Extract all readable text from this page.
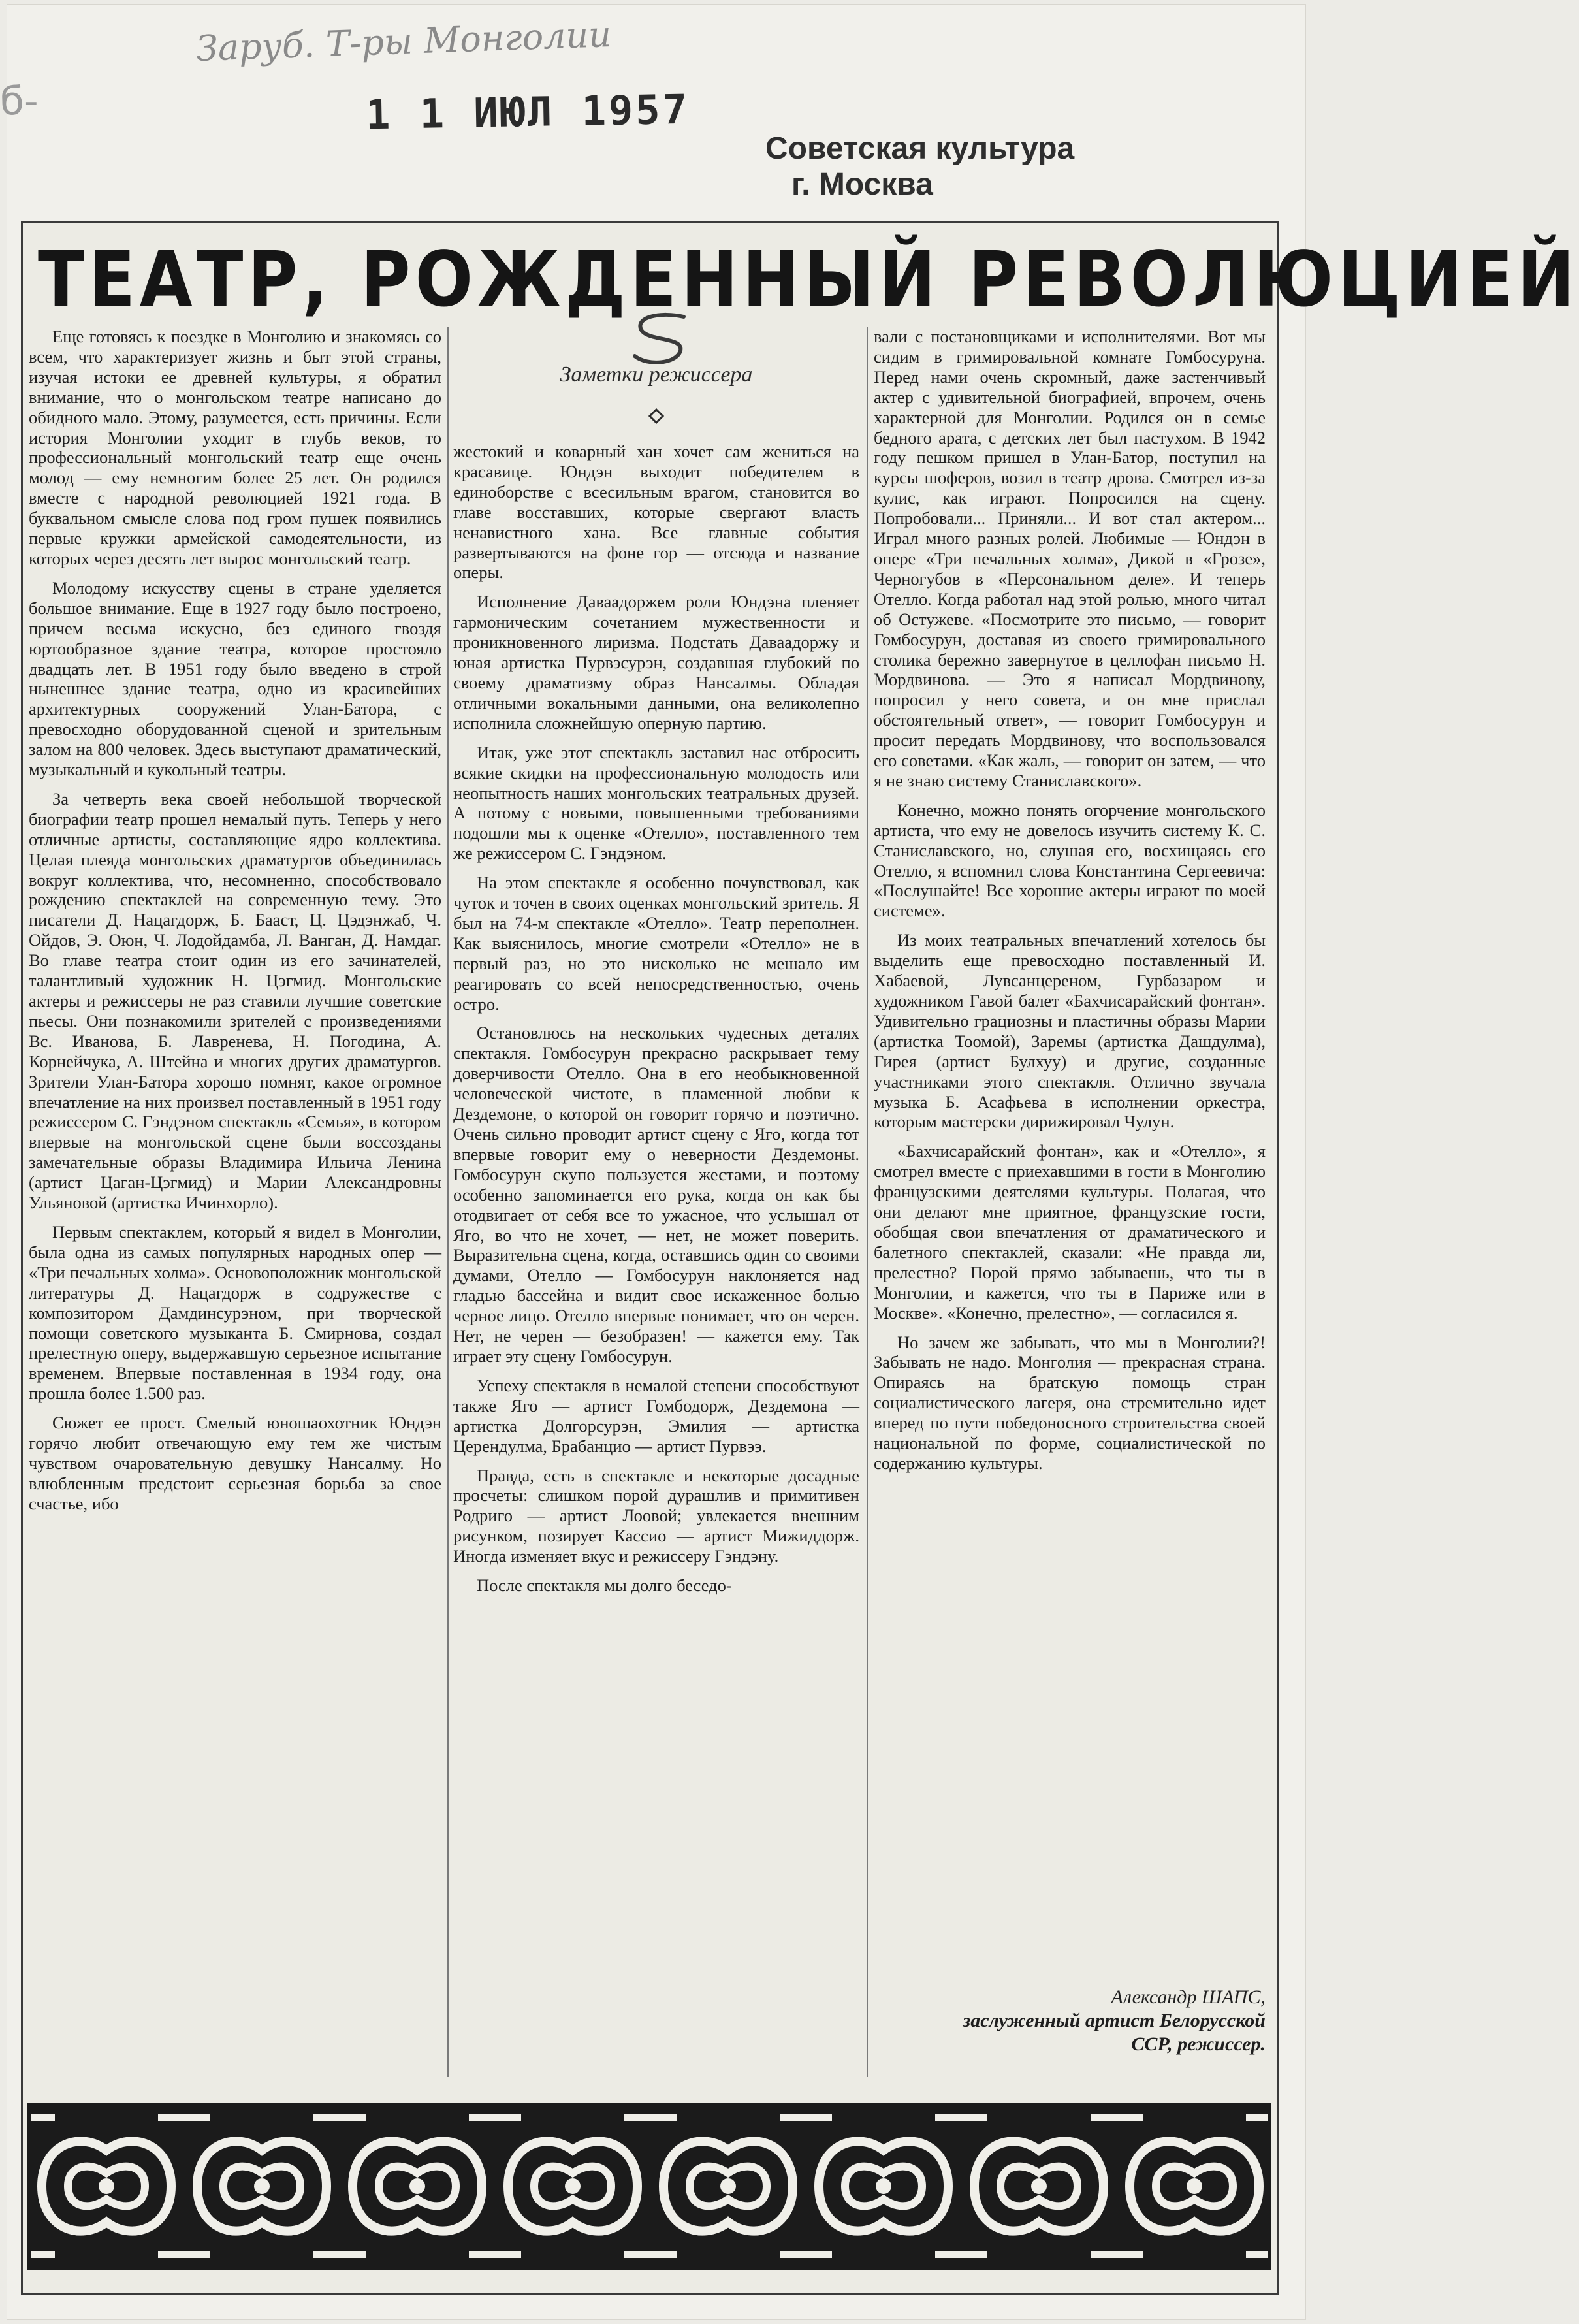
б-
Заруб. Т-ры Монголии
1 1 ИЮЛ 1957
Советская культура
г. Москва
ТЕАТР, РОЖДЕННЫЙ РЕВОЛЮЦИЕЙ
Заметки режиссера

Еще готовясь к поездке в Монголию и знакомясь со всем, что характеризует жизнь и быт этой страны, изучая истоки ее древней культуры, я обратил внимание, что о монгольском театре написано до обидного мало. Этому, разумеется, есть причины. Если история Монголии уходит в глубь веков, то профессиональный монгольский театр еще очень молод — ему немногим более 25 лет. Он родился вместе с народной революцией 1921 года. В буквальном смысле слова под гром пушек появились первые кружки армейской самодеятельности, из которых через десять лет вырос монгольский театр.

Молодому искусству сцены в стране уделяется большое внимание. Еще в 1927 году было построено, причем весьма искусно, без единого гвоздя юртообразное здание театра, которое простояло двадцать лет. В 1951 году было введено в строй нынешнее здание театра, одно из красивейших архитектурных сооружений Улан-Батора, с превосходно оборудованной сценой и зрительным залом на 800 человек. Здесь выступают драматический, музыкальный и кукольный театры.

За четверть века своей небольшой творческой биографии театр прошел немалый путь. Теперь у него отличные артисты, составляющие ядро коллектива. Целая плеяда монгольских драматургов объединилась вокруг коллектива, что, несомненно, способствовало рождению спектаклей на современную тему. Это писатели Д. Нацагдорж, Б. Бааст, Ц. Цэдэнжаб, Ч. Ойдов, Э. Оюн, Ч. Лодойдамба, Л. Ванган, Д. Намдаг. Во главе театра стоит один из его зачинателей, талантливый художник Н. Цэгмид. Монгольские актеры и режиссеры не раз ставили лучшие советские пьесы. Они познакомили зрителей с произведениями Вс. Иванова, Б. Лавренева, Н. Погодина, А. Корнейчука, А. Штейна и многих других драматургов. Зрители Улан-Батора хорошо помнят, какое огромное впечатление на них произвел поставленный в 1951 году режиссером С. Гэндэном спектакль «Семья», в котором впервые на монгольской сцене были воссозданы замечательные образы Владимира Ильича Ленина (артист Цаган-Цэгмид) и Марии Александровны Ульяновой (артистка Ичинхорло).

Первым спектаклем, который я видел в Монголии, была одна из самых популярных народных опер — «Три печальных холма». Основоположник монгольской литературы Д. Нацагдорж в содружестве с композитором Дамдинсурэном, при творческой помощи советского музыканта Б. Смирнова, создал прелестную оперу, выдержавшую серьезное испытание временем. Впервые поставленная в 1934 году, она прошла более 1.500 раз.

Сюжет ее прост. Смелый юношаохотник Юндэн горячо любит отвечающую ему тем же чистым чувством очаровательную девушку Нансалму. Но влюбленным предстоит серьезная борьба за свое счастье, ибо

жестокий и коварный хан хочет сам жениться на красавице. Юндэн выходит победителем в единоборстве с всесильным врагом, становится во главе восставших, которые свергают власть ненавистного хана. Все главные события развертываются на фоне гор — отсюда и название оперы.

Исполнение Даваадоржем роли Юндэна пленяет гармоническим сочетанием мужественности и проникновенного лиризма. Подстать Даваадоржу и юная артистка Пурвэсурэн, создавшая глубокий по своему драматизму образ Нансалмы. Обладая отличными вокальными данными, она великолепно исполнила сложнейшую оперную партию.

Итак, уже этот спектакль заставил нас отбросить всякие скидки на профессиональную молодость или неопытность наших монгольских театральных друзей. А потому с новыми, повышенными требованиями подошли мы к оценке «Отелло», поставленного тем же режиссером С. Гэндэном.

На этом спектакле я особенно почувствовал, как чуток и точен в своих оценках монгольский зритель. Я был на 74-м спектакле «Отелло». Театр переполнен. Как выяснилось, многие смотрели «Отелло» не в первый раз, но это нисколько не мешало им реагировать со всей непосредственностью, очень остро.

Остановлюсь на нескольких чудесных деталях спектакля. Гомбосурун прекрасно раскрывает тему доверчивости Отелло. Она в его необыкновенной человеческой чистоте, в пламенной любви к Дездемоне, о которой он говорит горячо и поэтично. Очень сильно проводит артист сцену с Яго, когда тот впервые говорит ему о неверности Дездемоны. Гомбосурун скупо пользуется жестами, и поэтому особенно запоминается его рука, когда он как бы отодвигает от себя все то ужасное, что услышал от Яго, во что не хочет, — нет, не может поверить. Выразительна сцена, когда, оставшись один со своими думами, Отелло — Гомбосурун наклоняется над гладью бассейна и видит свое искаженное болью черное лицо. Отелло впервые понимает, что он черен. Нет, не черен — безобразен! — кажется ему. Так играет эту сцену Гомбосурун.

Успеху спектакля в немалой степени способствуют также Яго — артист Гомбодорж, Дездемона — артистка Долгорсурэн, Эмилия — артистка Церендулма, Брабанцио — артист Пурвээ.

Правда, есть в спектакле и некоторые досадные просчеты: слишком порой дурашлив и примитивен Родриго — артист Лоовой; увлекается внешним рисунком, позирует Кассио — артист Мижиддорж. Иногда изменяет вкус и режиссеру Гэндэну.

После спектакля мы долго беседо-

вали с постановщиками и исполнителями. Вот мы сидим в гримировальной комнате Гомбосуруна. Перед нами очень скромный, даже застенчивый актер с удивительной биографией, впрочем, очень характерной для Монголии. Родился он в семье бедного арата, с детских лет был пастухом. В 1942 году пешком пришел в Улан-Батор, поступил на курсы шоферов, возил в театр дрова. Смотрел из-за кулис, как играют. Попросился на сцену. Попробовали... Приняли... И вот стал актером... Играл много разных ролей. Любимые — Юндэн в опере «Три печальных холма», Дикой в «Грозе», Черногубов в «Персональном деле». И теперь Отелло. Когда работал над этой ролью, много читал об Остужеве. «Посмотрите это письмо, — говорит Гомбосурун, доставая из своего гримировального столика бережно завернутое в целлофан письмо Н. Мордвинова. — Это я написал Мордвинову, попросил у него совета, и он мне прислал обстоятельный ответ», — говорит Гомбосурун и просит передать Мордвинову, что воспользовался его советами. «Как жаль, — говорит он затем, — что я не знаю систему Станиславского».

Конечно, можно понять огорчение монгольского артиста, что ему не довелось изучить систему К. С. Станиславского, но, слушая его, восхищаясь его Отелло, я вспомнил слова Константина Сергеевича: «Послушайте! Все хорошие актеры играют по моей системе».

Из моих театральных впечатлений хотелось бы выделить еще превосходно поставленный И. Хабаевой, Лувсанцереном, Гурбазаром и художником Гавой балет «Бахчисарайский фонтан». Удивительно грациозны и пластичны образы Марии (артистка Тоомой), Заремы (артистка Дашдулма), Гирея (артист Булхуу) и другие, созданные участниками этого спектакля. Отлично звучала музыка Б. Асафьева в исполнении оркестра, которым мастерски дирижировал Чулун.

«Бахчисарайский фонтан», как и «Отелло», я смотрел вместе с приехавшими в гости в Монголию французскими деятелями культуры. Полагая, что они делают мне приятное, французские гости, обобщая свои впечатления от драматического и балетного спектаклей, сказали: «Не правда ли, прелестно? Порой прямо забываешь, что ты в Монголии, и кажется, что ты в Париже или в Москве». «Конечно, прелестно», — согласился я.

Но зачем же забывать, что мы в Монголии?! Забывать не надо. Монголия — прекрасная страна. Опираясь на братскую помощь стран социалистического лагеря, она стремительно идет вперед по пути победоносного строительства своей национальной по форме, социалистической по содержанию культуры.

Александр ШАПС,
заслуженный артист Белорусской
ССР, режиссер.
